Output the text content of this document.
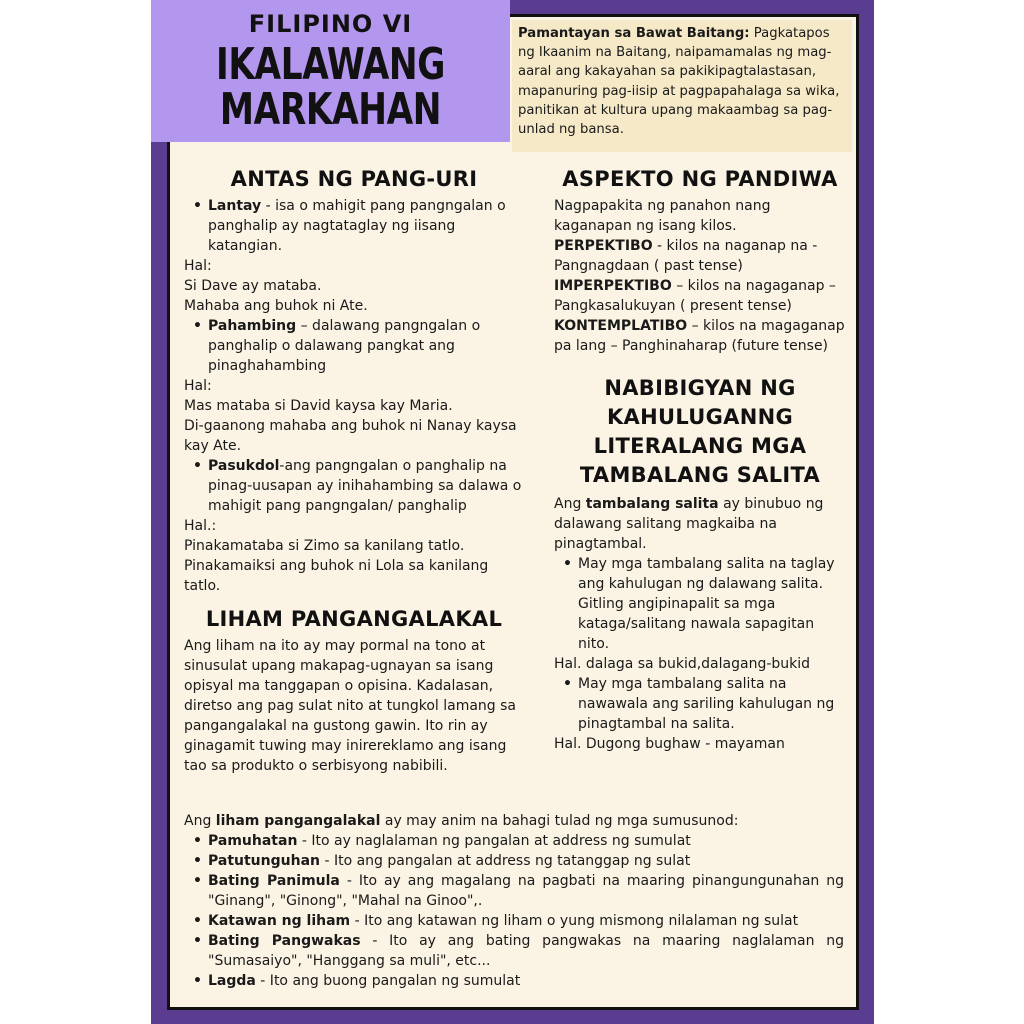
FILIPINO VI
IKALAWANG
MARKAHAN
Pamantayan sa Bawat Baitang: Pagkatapos ng Ikaanim na Baitang, naipamamalas ng mag-aaral ang kakayahan sa pakikipagtalastasan, mapanuring pag-iisip at pagpapahalaga sa wika, panitikan at kultura upang makaambag sa pag-unlad ng bansa.
ANTAS NG PANG-URI
• Lantay - isa o mahigit pang pangngalan o panghalip ay nagtataglay ng iisang katangian.

Hal:

Si Dave ay mataba.

Mahaba ang buhok ni Ate.

• Pahambing – dalawang pangngalan o panghalip o dalawang pangkat ang pinaghahambing

Hal:

Mas mataba si David kaysa kay Maria.

Di-gaanong mahaba ang buhok ni Nanay kaysa kay Ate.

• Pasukdol-ang pangngalan o panghalip na pinag-uusapan ay inihahambing sa dalawa o mahigit pang pangngalan/ panghalip

Hal.:

Pinakamataba si Zimo sa kanilang tatlo.

Pinakamaiksi ang buhok ni Lola sa kanilang tatlo.

LIHAM PANGANGALAKAL

Ang liham na ito ay may pormal na tono at sinusulat upang makapag-ugnayan sa isang opisyal ma tanggapan o opisina. Kadalasan, diretso ang pag sulat nito at tungkol lamang sa pangangalakal na gustong gawin. Ito rin ay ginagamit tuwing may inirereklamo ang isang tao sa produkto o serbisyong nabibili.

ASPEKTO NG PANDIWA

Nagpapakita ng panahon nang kaganapan ng isang kilos.

PERPEKTIBO - kilos na naganap na - Pangnagdaan ( past tense)

IMPERPEKTIBO – kilos na nagaganap – Pangkasalukuyan ( present tense)

KONTEMPLATIBO – kilos na magaganap pa lang – Panghinaharap (future tense)

NABIBIGYAN NG KAHULUGANNG LITERALANG MGA TAMBALANG SALITA

Ang tambalang salita ay binubuo ng dalawang salitang magkaiba na pinagtambal.

• May mga tambalang salita na taglay ang kahulugan ng dalawang salita. Gitling angipinapalit sa mga kataga/salitang nawala sapagitan nito.

Hal. dalaga sa bukid,dalagang-bukid

• May mga tambalang salita na nawawala ang sariling kahulugan ng pinagtambal na salita.

Hal. Dugong bughaw - mayaman

Ang liham pangangalakal ay may anim na bahagi tulad ng mga sumusunod:

• Pamuhatan - Ito ay naglalaman ng pangalan at address ng sumulat
• Patutunguhan - Ito ang pangalan at address ng tatanggap ng sulat
• Bating Panimula - Ito ay ang magalang na pagbati na maaring pinangungunahan ng "Ginang", "Ginong", "Mahal na Ginoo",.
• Katawan ng liham - Ito ang katawan ng liham o yung mismong nilalaman ng sulat
• Bating Pangwakas - Ito ay ang bating pangwakas na maaring naglalaman ng "Sumasaiyo", "Hanggang sa muli", etc...
• Lagda - Ito ang buong pangalan ng sumulat
